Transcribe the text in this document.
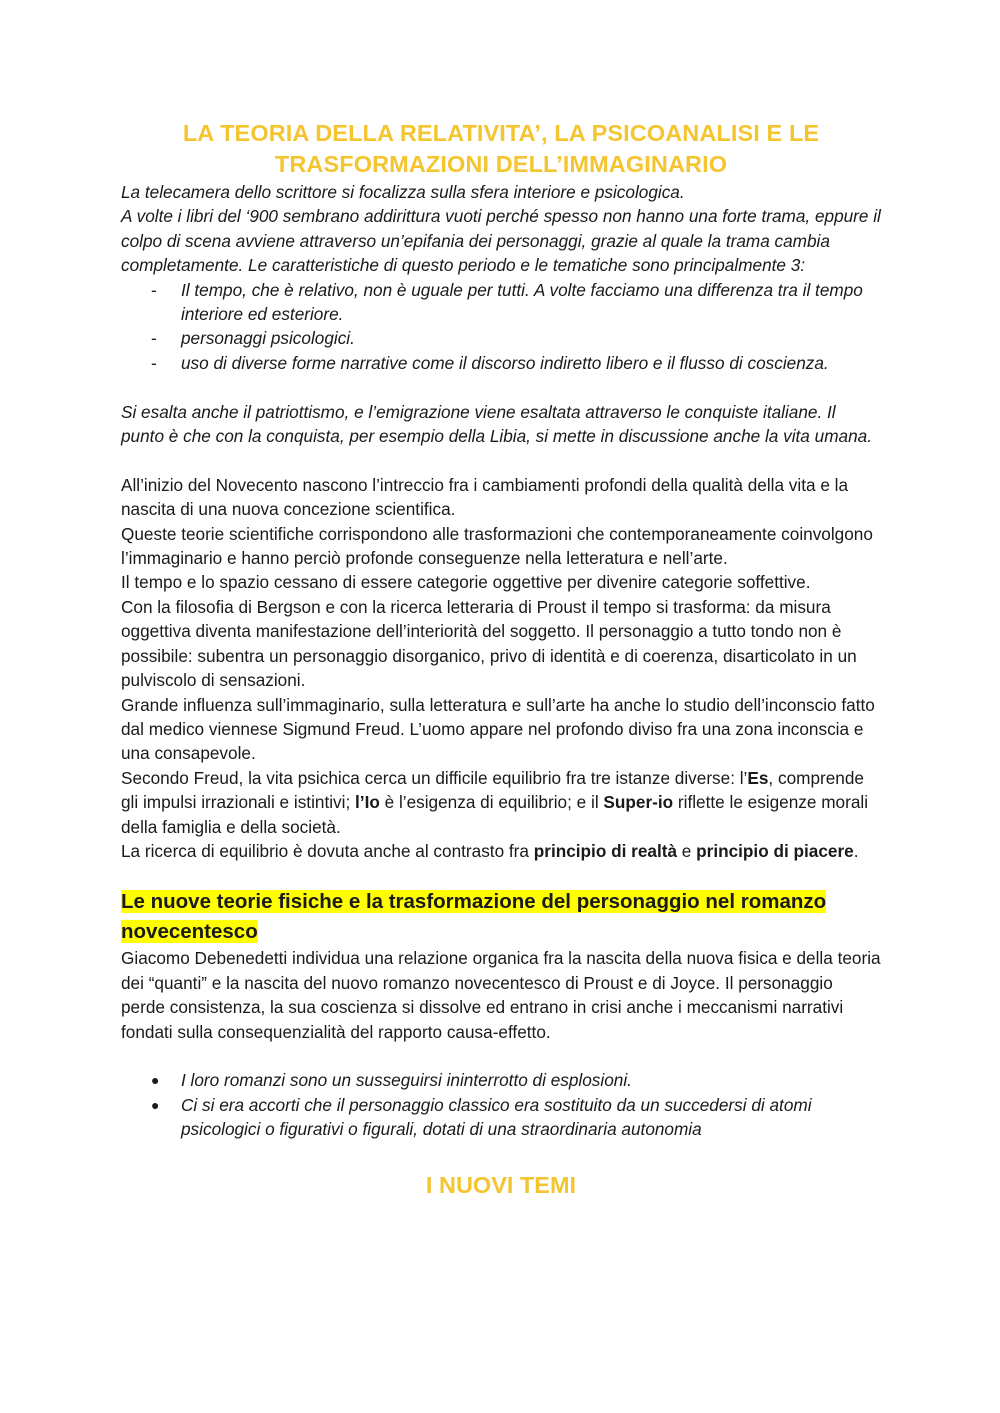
LA TEORIA DELLA RELATIVITA’, LA PSICOANALISI E LE TRASFORMAZIONI DELL’IMMAGINARIO

La telecamera dello scrittore si focalizza sulla sfera interiore e psicologica.

A volte i libri del ‘900 sembrano addirittura vuoti perché spesso non hanno una forte trama, eppure il colpo di scena avviene attraverso un’epifania dei personaggi, grazie al quale la trama cambia completamente. Le caratteristiche di questo periodo e le tematiche sono principalmente 3:

- Il tempo, che è relativo, non è uguale per tutti. A volte facciamo una differenza tra il tempo interiore ed esteriore.
- personaggi psicologici.
- uso di diverse forme narrative come il discorso indiretto libero e il flusso di coscienza.

Si esalta anche il patriottismo, e l’emigrazione viene esaltata attraverso le conquiste italiane. Il punto è che con la conquista, per esempio della Libia, si mette in discussione anche la vita umana.

All’inizio del Novecento nascono l’intreccio fra i cambiamenti profondi della qualità della vita e la nascita di una nuova concezione scientifica.

Queste teorie scientifiche corrispondono alle trasformazioni che contemporaneamente coinvolgono l’immaginario e hanno perciò profonde conseguenze nella letteratura e nell’arte.

Il tempo e lo spazio cessano di essere categorie oggettive per divenire categorie soffettive.

Con la filosofia di Bergson e con la ricerca letteraria di Proust il tempo si trasforma: da misura oggettiva diventa manifestazione dell’interiorità del soggetto. Il personaggio a tutto tondo non è possibile: subentra un personaggio disorganico, privo di identità e di coerenza, disarticolato in un pulviscolo di sensazioni.

Grande influenza sull’immaginario, sulla letteratura e sull’arte ha anche lo studio dell’inconscio fatto dal medico viennese Sigmund Freud. L’uomo appare nel profondo diviso fra una zona inconscia e una consapevole.

Secondo Freud, la vita psichica cerca un difficile equilibrio fra tre istanze diverse: l’Es, comprende gli impulsi irrazionali e istintivi; l’Io è l’esigenza di equilibrio; e il Super-io riflette le esigenze morali della famiglia e della società.

La ricerca di equilibrio è dovuta anche al contrasto fra principio di realtà e principio di piacere.

Le nuove teorie fisiche e la trasformazione del personaggio nel romanzo novecentesco

Giacomo Debenedetti individua una relazione organica fra la nascita della nuova fisica e della teoria dei “quanti” e la nascita del nuovo romanzo novecentesco di Proust e di Joyce. Il personaggio perde consistenza, la sua coscienza si dissolve ed entrano in crisi anche i meccanismi narrativi fondati sulla consequenzialità del rapporto causa-effetto.

● I loro romanzi sono un susseguirsi ininterrotto di esplosioni.
● Ci si era accorti che il personaggio classico era sostituito da un succedersi di atomi psicologici o figurativi o figurali, dotati di una straordinaria autonomia
I NUOVI TEMI
